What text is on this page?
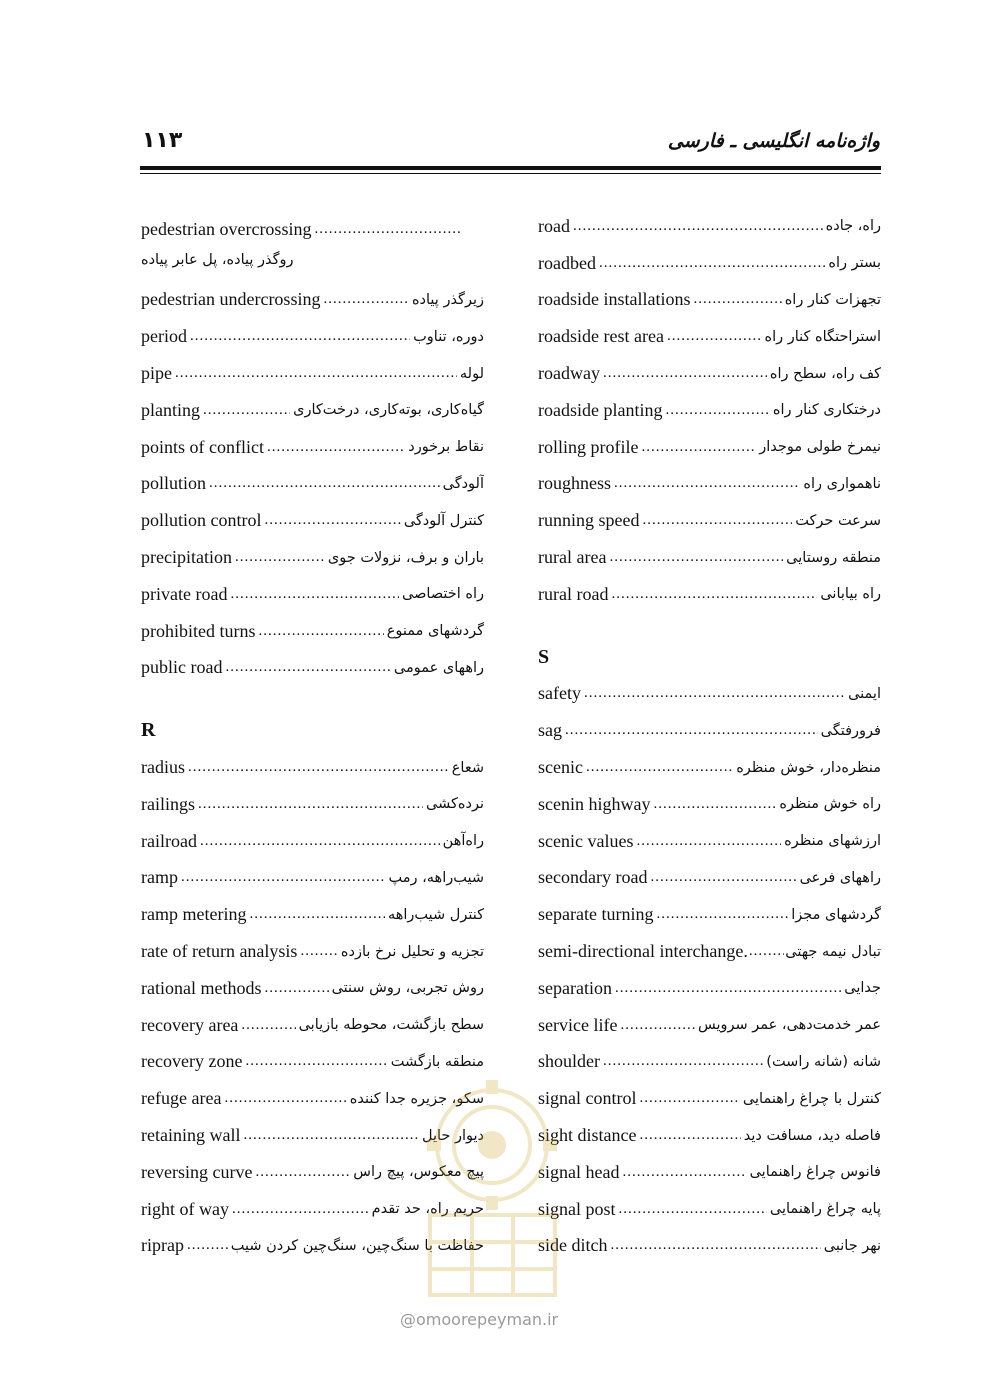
۱۱۳	واژه‌نامه انگلیسی ـ فارسی
pedestrian overcrossing
.....
روگذر پیاده، پل عابر پیاده
pedestrian undercrossing .....	زیرگذر پیاده
period .....	دوره، تناوب
pipe .....	لوله
planting .....	گیاه‌کاری، بوته‌کاری، درخت‌کاری
points of conflict .....	نقاط برخورد
pollution .....	آلودگی
pollution control .....	کنترل آلودگی
precipitation .....	باران و برف، نزولات جوی
private road .....	راه اختصاصی
prohibited turns .....	گردشهای ممنوع
public road .....	راههای عمومی
R
radius .....	شعاع
railings .....	نرده‌کشی
railroad .....	راه‌آهن
ramp .....	شیب‌راهه، رمپ
ramp metering .....	کنترل شیب‌راهه
rate of return analysis .....	تجزیه و تحلیل نرخ بازده
rational methods .....	روش تجربی، روش سنتی
recovery area .....	سطح بازگشت، محوطه بازیابی
recovery zone .....	منطقه بازگشت
refuge area .....	سکو، جزیره جدا کننده
retaining wall .....	دیوار حایل
reversing curve .....	پیچ معکوس، پیچ راس
right of way .....	حریم راه، حد تقدم
riprap .....	حفاظت با سنگ‌چین، سنگ‌چین کردن شیب
road .....	راه، جاده
roadbed .....	بستر راه
roadside installations .....	تجهزات کنار راه
roadside rest area .....	استراحتگاه کنار راه
roadway .....	کف راه، سطح راه
roadside planting .....	درختکاری کنار راه
rolling profile .....	نیمرخ طولی موجدار
roughness .....	ناهمواری راه
running speed .....	سرعت حرکت
rural area .....	منطقه روستایی
rural road .....	راه بیابانی
S
safety .....	ایمنی
sag .....	فرورفتگی
scenic .....	منظره‌دار، خوش منظره
scenin highway .....	راه خوش منظره
scenic values .....	ارزشهای منظره
secondary road .....	راههای فرعی
separate turning .....	گردشهای مجزا
semi-directional interchange. .....	تبادل نیمه جهتی
separation .....	جدایی
service life .....	عمر خدمت‌دهی، عمر سرویس
shoulder .....	شانه (شانه راست)
signal control .....	کنترل با چراغ راهنمایی
sight distance .....	فاصله دید، مسافت دید
signal head .....	فانوس چراغ راهنمایی
signal post .....	پایه چراغ راهنمایی
side ditch .....	نهر جانبی
@omoorepeyman.ir
